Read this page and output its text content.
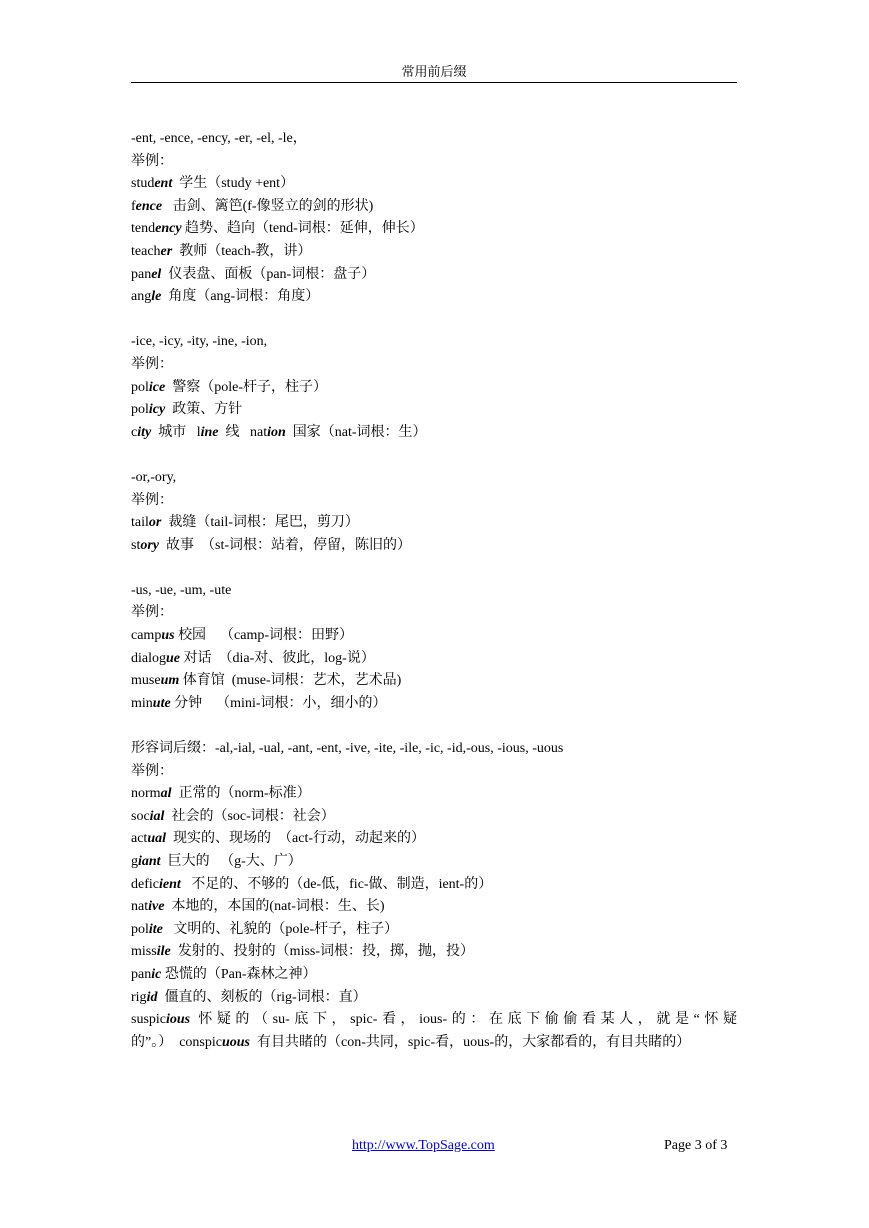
常用前后缀
-ent, -ence, -ency, -er, -el, -le，
举例：
student  学生（study +ent）
fence   击剑、篱笆(f-像竖立的剑的形状)
tendency 趋势、趋向（tend-词根：延伸，伸长）
teacher  教师（teach-教，讲）
panel  仪表盘、面板（pan-词根：盘子）
angle  角度（ang-词根：角度）
-ice, -icy, -ity, -ine, -ion,
举例：
police  警察（pole-杆子，柱子）
policy  政策、方针
city  城市   line  线   nation  国家（nat-词根：生）
-or,-ory,
举例：
tailor  裁缝（tail-词根：尾巴，剪刀）
story  故事  （st-词根：站着，停留，陈旧的）
-us, -ue, -um, -ute
举例：
campus 校园    （camp-词根：田野）
dialogue 对话  （dia-对、彼此，log-说）
museum 体育馆  (muse-词根：艺术，艺术品)
minute 分钟    （mini-词根：小，细小的）
形容词后缀：-al,-ial, -ual, -ant, -ent, -ive, -ite, -ile, -ic, -id,-ous, -ious, -uous
举例：
normal  正常的（norm-标准）
social  社会的（soc-词根：社会）
actual  现实的、现场的  （act-行动，动起来的）
giant  巨大的   （g-大、广）
deficient   不足的、不够的（de-低，fic-做、制造，ient-的）
native  本地的，本国的(nat-词根：生、长)
polite   文明的、礼貌的（pole-杆子，柱子）
missile  发射的、投射的（miss-词根：投，掷，抛，投）
panic 恐慌的（Pan-森林之神）
rigid  僵直的、刻板的（rig-词根：直）
suspicious 怀疑的（su-底下，spic-看，ious-的：在底下偷偷看某人，就是“怀疑
的”。）  conspicuous  有目共睹的（con-共同，spic-看，uous-的，大家都看的，有目共睹的）
http://www.TopSage.com	Page 3 of 3
